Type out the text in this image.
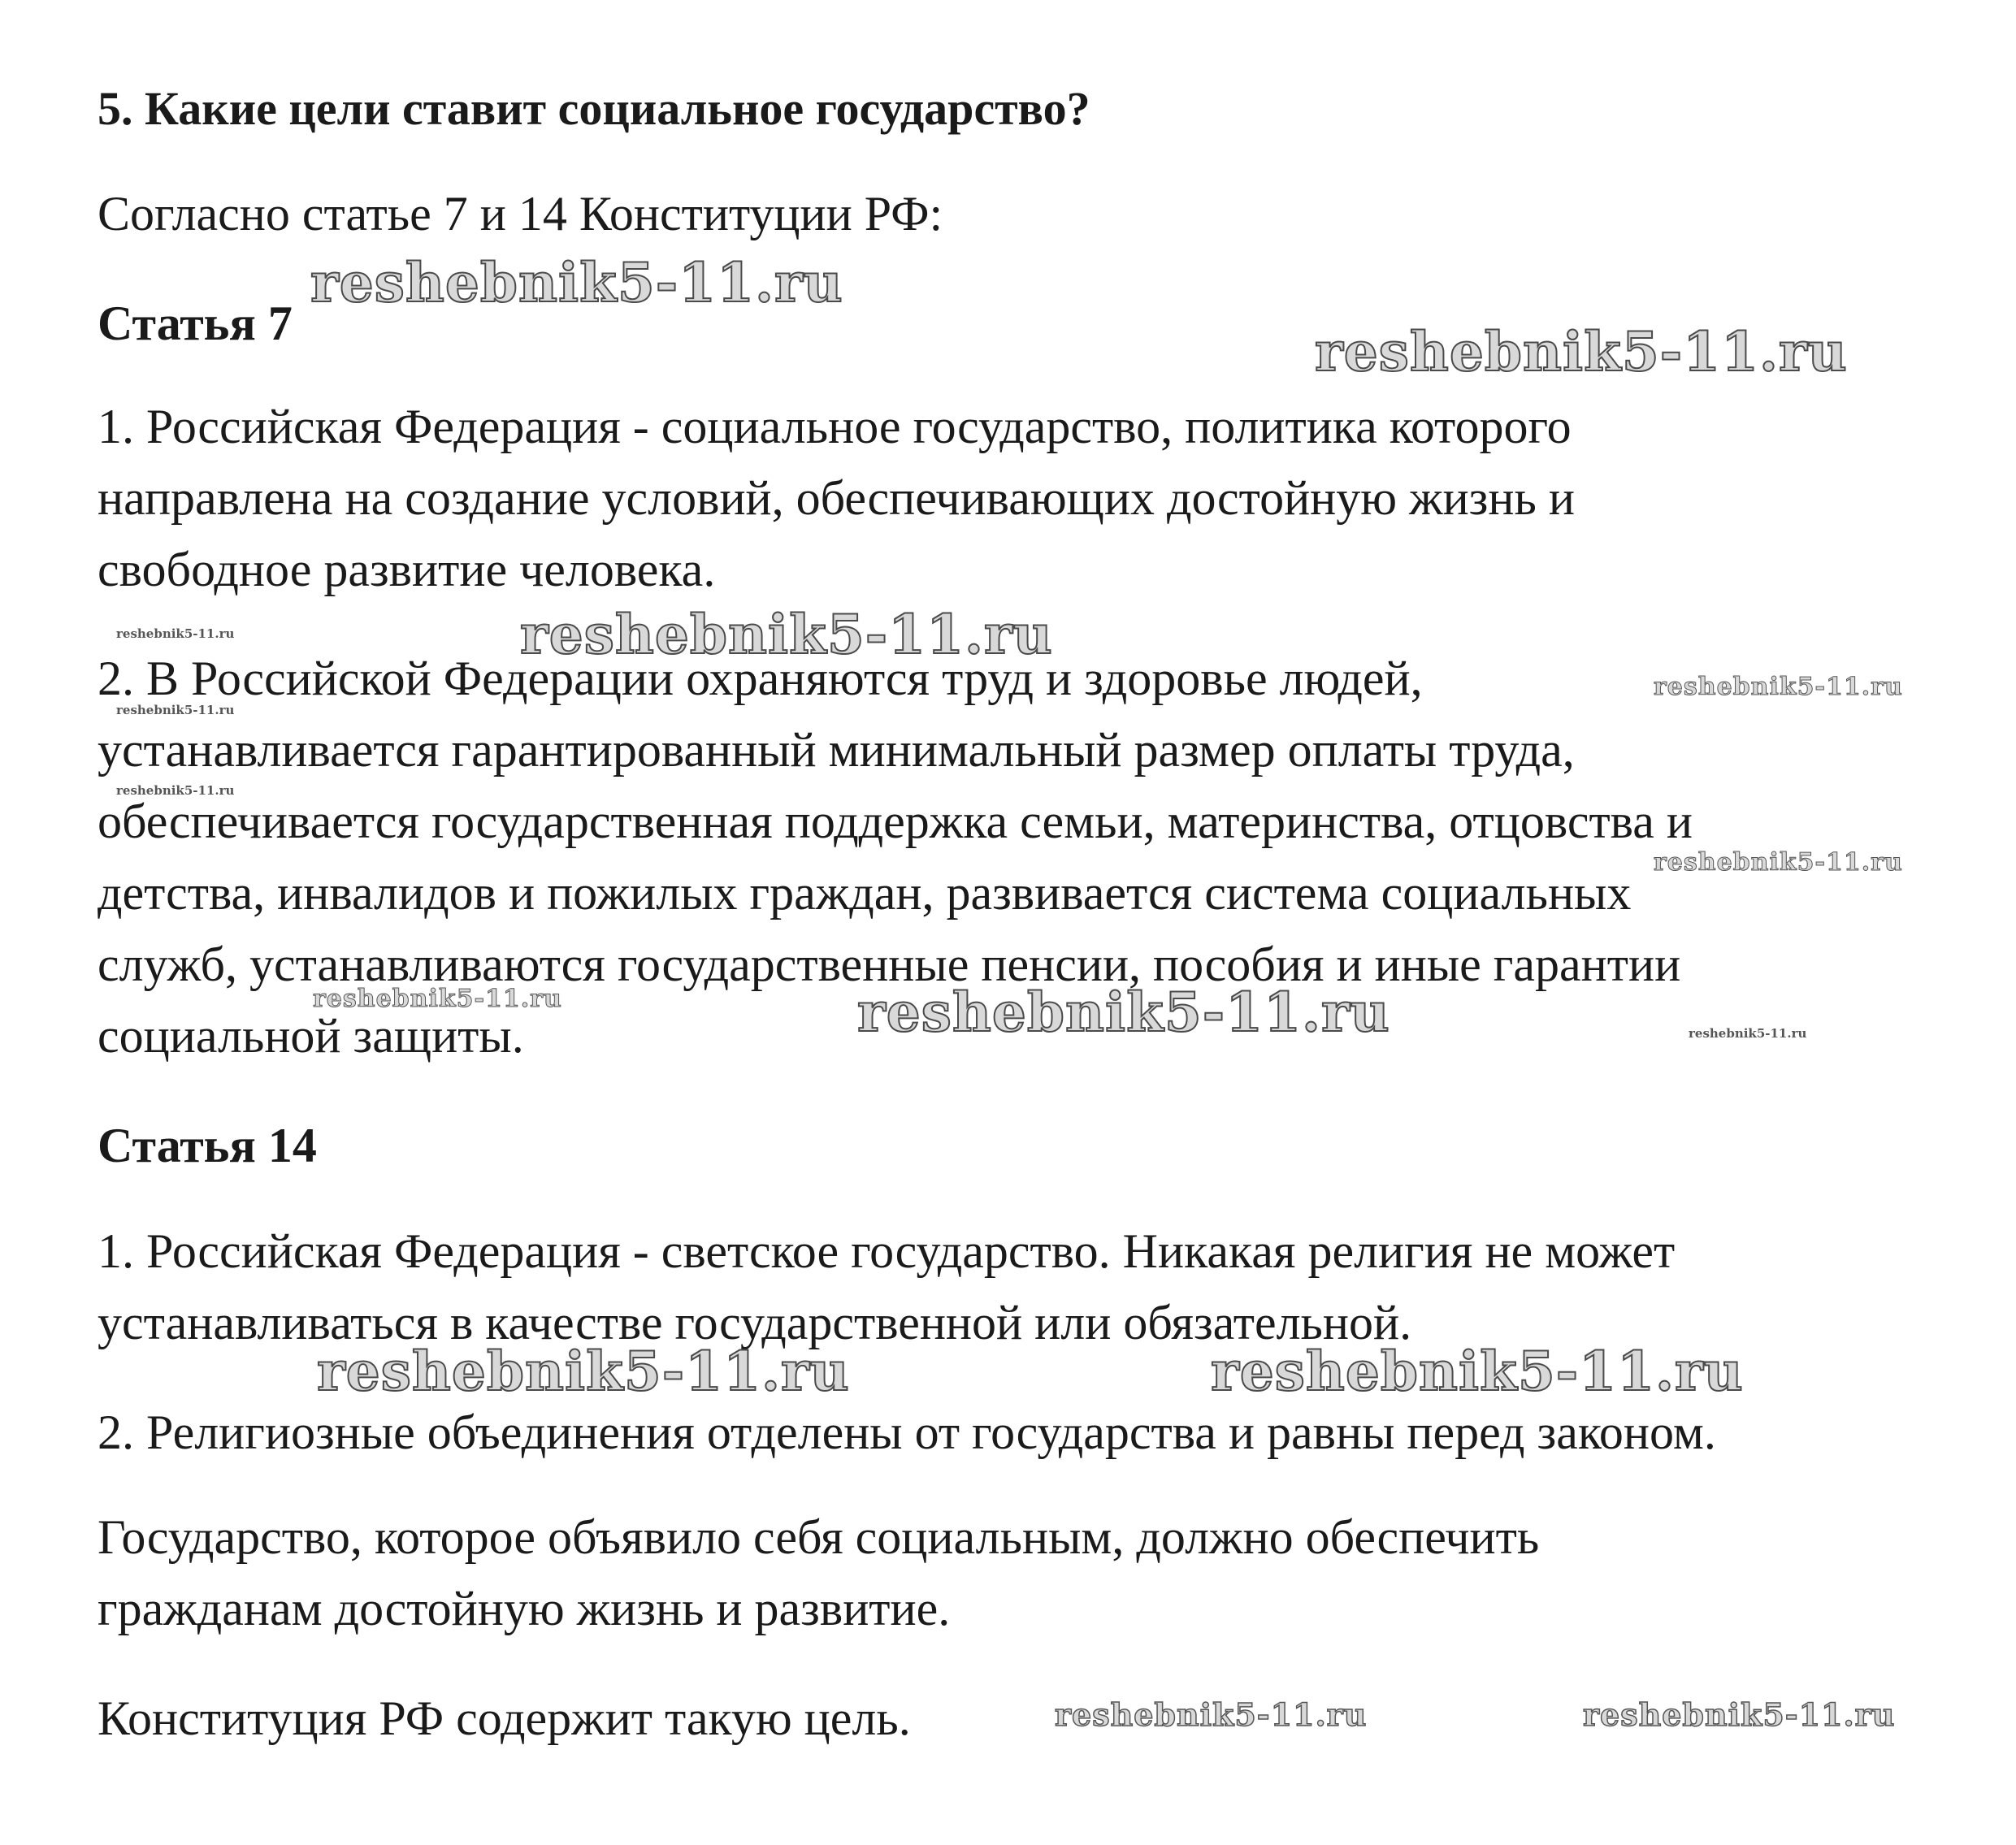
5. Какие цели ставит социальное государство?

Согласно статье 7 и 14 Конституции РФ:

Статья 7

1. Российская Федерация - социальное государство, политика которого

направлена на создание условий, обеспечивающих достойную жизнь и

свободное развитие человека.

2. В Российской Федерации охраняются труд и здоровье людей,

устанавливается гарантированный минимальный размер оплаты труда,

обеспечивается государственная поддержка семьи, материнства, отцовства и

детства, инвалидов и пожилых граждан, развивается система социальных

служб, устанавливаются государственные пенсии, пособия и иные гарантии

социальной защиты.

Статья 14

1. Российская Федерация - светское государство. Никакая религия не может

устанавливаться в качестве государственной или обязательной.

2. Религиозные объединения отделены от государства и равны перед законом.

Государство, которое объявило себя социальным, должно обеспечить

гражданам достойную жизнь и развитие.

Конституция РФ содержит такую цель.

reshebnik5-11.ru

reshebnik5-11.ru

reshebnik5-11.ru

reshebnik5-11.ru

reshebnik5-11.ru	reshebnik5-11.ru

reshebnik5-11.ru	reshebnik5-11.ru

reshebnik5-11.ru

reshebnik5-11.ru

reshebnik5-11.ru

reshebnik5-11.ru

reshebnik5-11.ru

reshebnik5-11.ru

reshebnik5-11.ru
